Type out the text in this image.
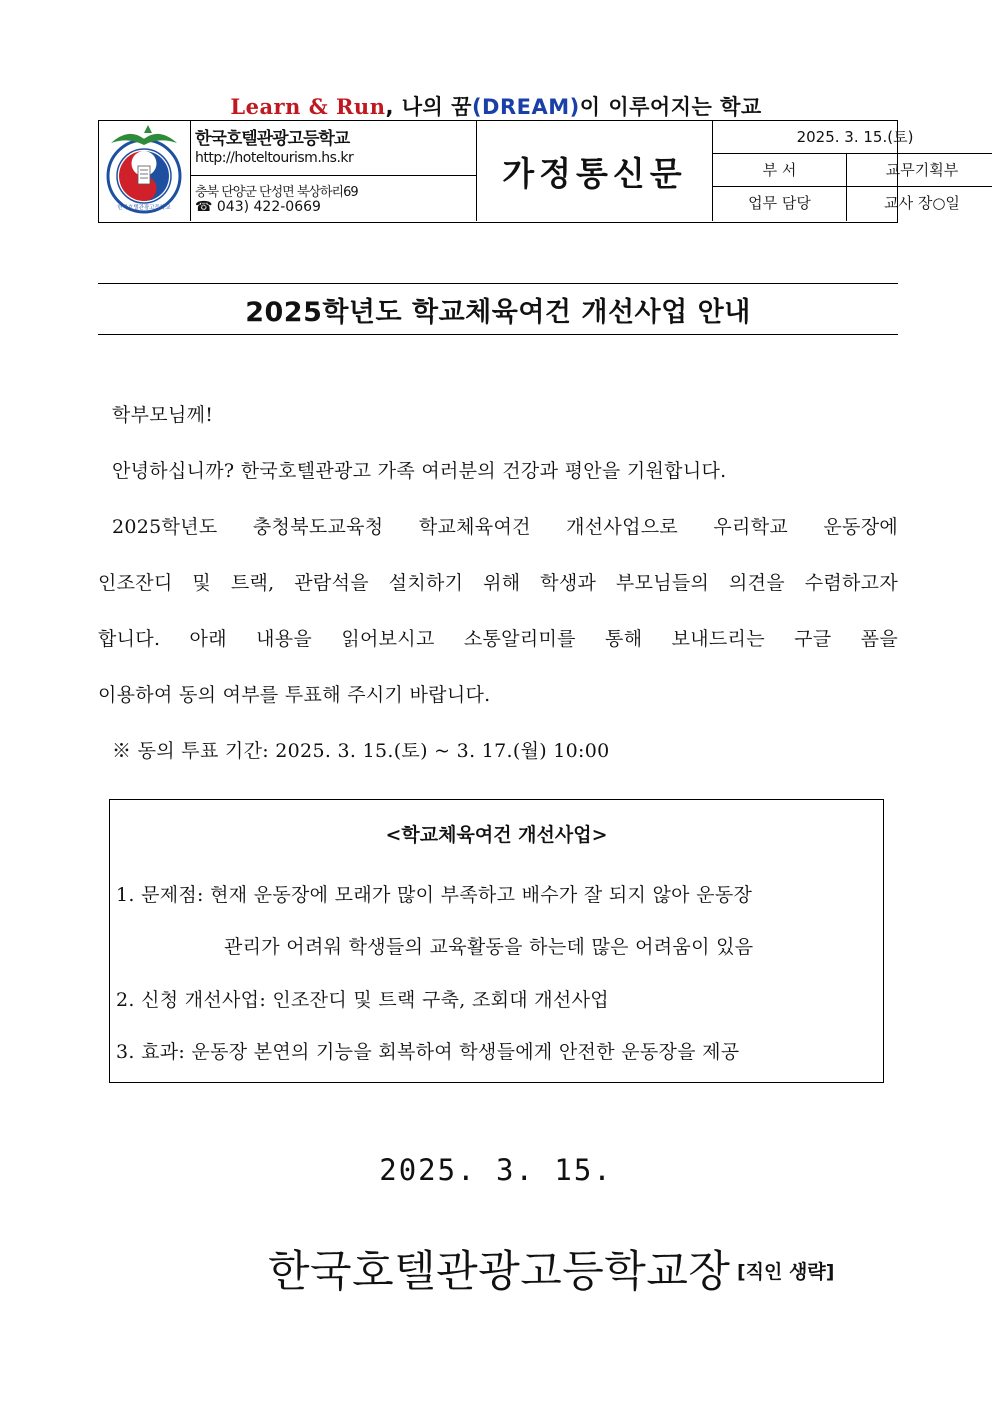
Learn & Run, 나의 꿈(DREAM)이 이루어지는 학교
한국호텔관광고등학교
한국호텔관광고등학교
http://hoteltourism.hs.kr
충북 단양군 단성면 북상하리69
☎ 043) 422-0669
가정통신문
2025. 3. 15.(토)
부 서	교무기획부
업무 담당	교사 장○일
2025학년도 학교체육여건 개선사업 안내
학부모님께!
안녕하십니까? 한국호텔관광고 가족 여러분의 건강과 평안을 기원합니다.
2025학년도 충청북도교육청 학교체육여건 개선사업으로 우리학교 운동장에
인조잔디 및 트랙, 관람석을 설치하기 위해 학생과 부모님들의 의견을 수렴하고자
합니다. 아래 내용을 읽어보시고 소통알리미를 통해 보내드리는 구글 폼을
이용하여 동의 여부를 투표해 주시기 바랍니다.
※ 동의 투표 기간: 2025. 3. 15.(토) ~ 3. 17.(월) 10:00
<학교체육여건 개선사업>
1. 문제점: 현재 운동장에 모래가 많이 부족하고 배수가 잘 되지 않아 운동장
관리가 어려워 학생들의 교육활동을 하는데 많은 어려움이 있음
2. 신청 개선사업: 인조잔디 및 트랙 구축, 조회대 개선사업
3. 효과: 운동장 본연의 기능을 회복하여 학생들에게 안전한 운동장을 제공
2025. 3. 15.
한국호텔관광고등학교장 [직인 생략]
